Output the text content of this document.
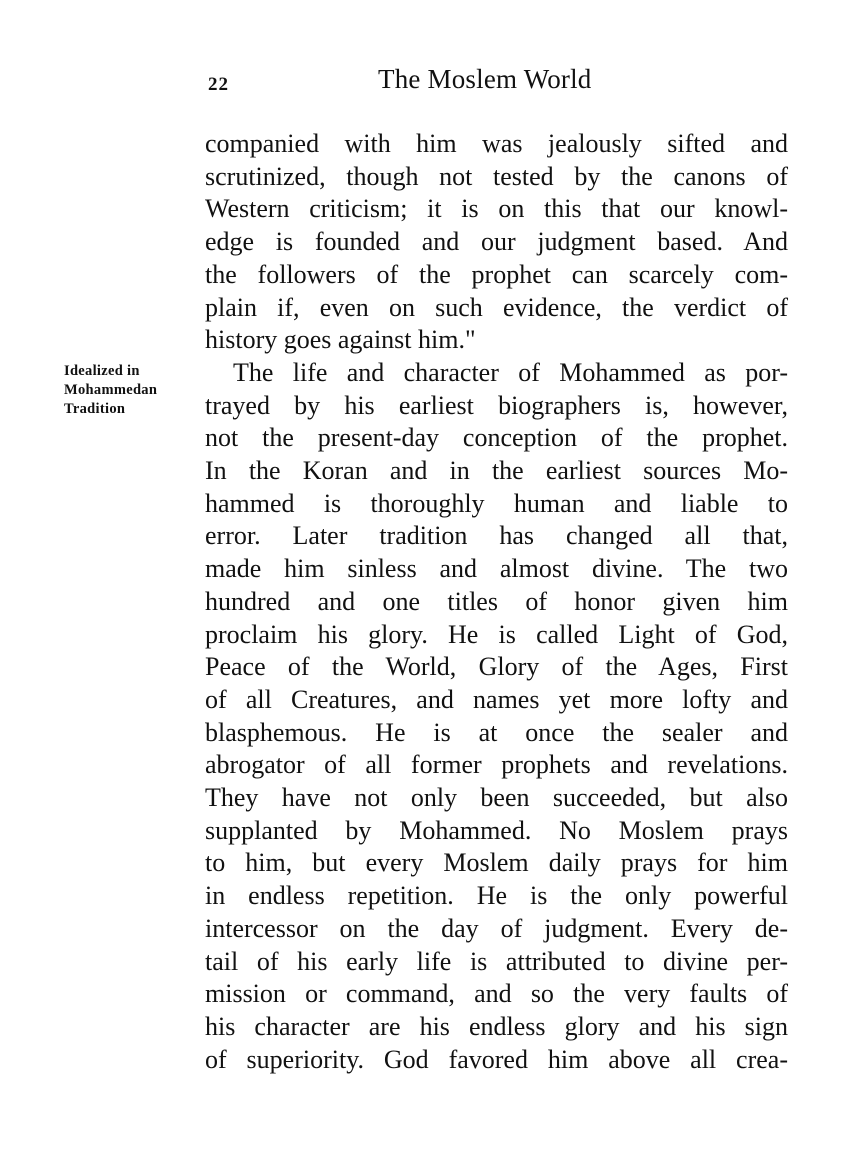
22	The Moslem World
Idealized in
Mohammedan
Tradition
companied with him was jealously sifted and
scrutinized, though not tested by the canons of
Western criticism; it is on this that our knowl-
edge is founded and our judgment based. And
the followers of the prophet can scarcely com-
plain if, even on such evidence, the verdict of
history goes against him."
The life and character of Mohammed as por-
trayed by his earliest biographers is, however,
not the present-day conception of the prophet.
In the Koran and in the earliest sources Mo-
hammed is thoroughly human and liable to
error. Later tradition has changed all that,
made him sinless and almost divine. The two
hundred and one titles of honor given him
proclaim his glory. He is called Light of God,
Peace of the World, Glory of the Ages, First
of all Creatures, and names yet more lofty and
blasphemous. He is at once the sealer and
abrogator of all former prophets and revelations.
They have not only been succeeded, but also
supplanted by Mohammed. No Moslem prays
to him, but every Moslem daily prays for him
in endless repetition. He is the only powerful
intercessor on the day of judgment. Every de-
tail of his early life is attributed to divine per-
mission or command, and so the very faults of
his character are his endless glory and his sign
of superiority. God favored him above all crea-
